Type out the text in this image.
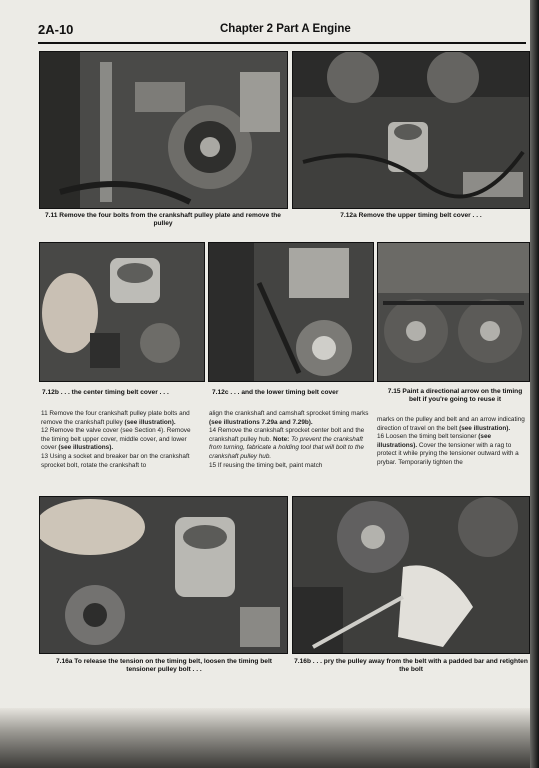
2A-10	Chapter 2 Part A Engine
7.11 Remove the four bolts from the crankshaft pulley plate and remove the pulley
7.12a Remove the upper timing belt cover . . .
7.12b . . . the center timing belt cover . . .	7.12c . . . and the lower timing belt cover	7.15 Paint a directional arrow on the timing belt if you're going to reuse it

11 Remove the four crankshaft pulley plate bolts and remove the crankshaft pulley (see illustration).

12 Remove the valve cover (see Section 4). Remove the timing belt upper cover, middle cover, and lower cover (see illustrations).

13 Using a socket and breaker bar on the crankshaft sprocket bolt, rotate the crankshaft to

align the crankshaft and camshaft sprocket timing marks (see illustrations 7.29a and 7.29b).

14 Remove the crankshaft sprocket center bolt and the crankshaft pulley hub. Note: To prevent the crankshaft from turning, fabricate a holding tool that will bolt to the crankshaft pulley hub.

15 If reusing the timing belt, paint match

marks on the pulley and belt and an arrow indicating direction of travel on the belt (see illustration).

16 Loosen the timing belt tensioner (see illustrations). Cover the tensioner with a rag to protect it while prying the tensioner outward with a prybar. Temporarily tighten the

7.16a To release the tension on the timing belt, loosen the timing belt tensioner pulley bolt . . .
7.16b . . . pry the pulley away from the belt with a padded bar and retighten the bolt
